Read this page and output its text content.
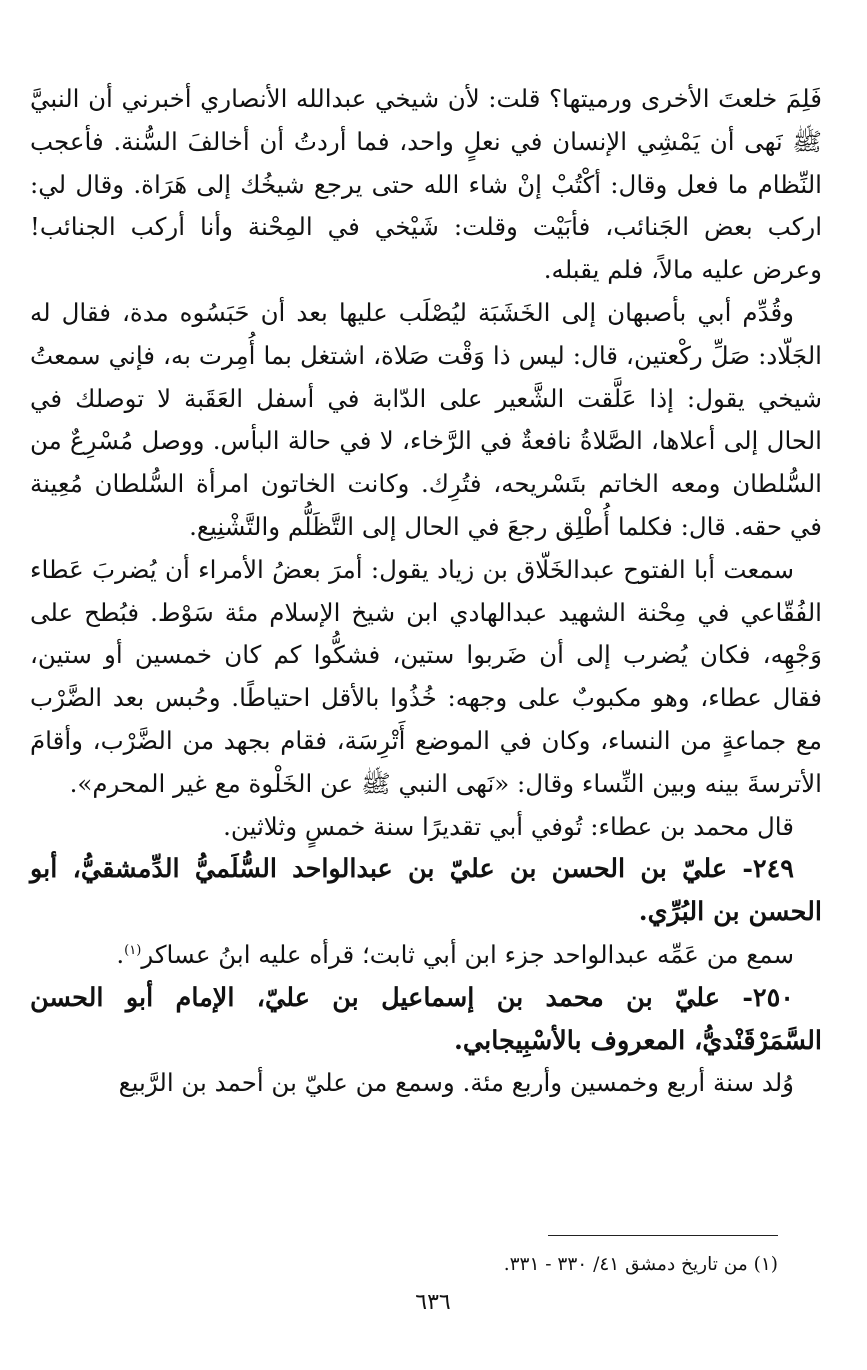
فَلِمَ خلعتَ الأخرى ورميتها؟ قلت: لأن شيخي عبدالله الأنصاري أخبرني أن النبيَّ ﷺ نَهى أن يَمْشِي الإنسان في نعلٍ واحد، فما أردتُ أن أخالفَ السُّنة. فأعجب النِّظام ما فعل وقال: أكْتُبْ إنْ شاء الله حتى يرجع شيخُك إلى هَرَاة. وقال لي: اركب بعض الجَنائب، فأبَيْت وقلت: شَيْخي في المِحْنة وأنا أركب الجنائب! وعرض عليه مالاً، فلم يقبله.

وقُدِّم أبي بأصبهان إلى الخَشَبَة ليُصْلَب عليها بعد أن حَبَسُوه مدة، فقال له الجَلّاد: صَلِّ ركْعتين، قال: ليس ذا وَقْت صَلاة، اشتغل بما أُمِرت به، فإني سمعتُ شيخي يقول: إذا عَلَّقت الشَّعير على الدّابة في أسفل العَقَبة لا توصلك في الحال إلى أعلاها، الصَّلاةُ نافعةٌ في الرَّخاء، لا في حالة البأس. ووصل مُسْرِعٌ من السُّلطان ومعه الخاتم بتَسْريحه، فتُرِك. وكانت الخاتون امرأة السُّلطان مُعِينة في حقه. قال: فكلما أُطْلِق رجعَ في الحال إلى التَّظَلُّم والتَّشْنِيع.

سمعت أبا الفتوح عبدالخَلّاق بن زياد يقول: أمرَ بعضُ الأمراء أن يُضربَ عَطاء الفُقّاعي في مِحْنة الشهيد عبدالهادي ابن شيخ الإسلام مئة سَوْط. فبُطح على وَجْهِه، فكان يُضرب إلى أن ضَربوا ستين، فشكُّوا كم كان خمسين أو ستين، فقال عطاء، وهو مكبوبٌ على وجهه: خُذُوا بالأقل احتياطًا. وحُبس بعد الضَّرْب مع جماعةٍ من النساء، وكان في الموضع أَتْرِسَة، فقام بجهد من الضَّرْب، وأقامَ الأترسةَ بينه وبين النِّساء وقال: «نَهى النبي ﷺ عن الخَلْوة مع غير المحرم».

قال محمد بن عطاء: تُوفي أبي تقديرًا سنة خمسٍ وثلاثين.

٢٤٩- عليّ بن الحسن بن عليّ بن عبدالواحد السُّلَميُّ الدِّمشقيُّ، أبو الحسن بن البُرِّي.

سمع من عَمِّه عبدالواحد جزء ابن أبي ثابت؛ قرأه عليه ابنُ عساكر$^{(١)}$.

٢٥٠- عليّ بن محمد بن إسماعيل بن عليّ، الإمام أبو الحسن السَّمَرْقَنْديُّ، المعروف بالأسْبِيجابي.

وُلد سنة أربع وخمسين وأربع مئة. وسمع من عليّ بن أحمد بن الرَّبيع

(١) من تاريخ دمشق ٤١/ ٣٣٠ - ٣٣١.
٦٣٦
